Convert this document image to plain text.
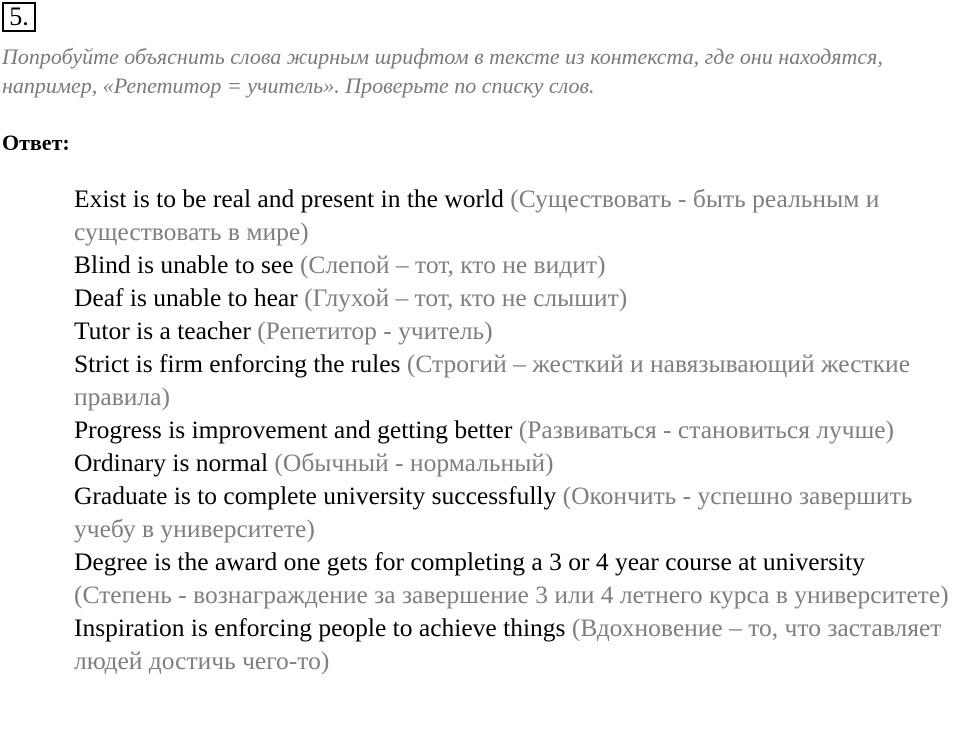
5.
Попробуйте объяснить слова жирным шрифтом в тексте из контекста, где они находятся, например, «Репетитор = учитель». Проверьте по списку слов.
Ответ:
Exist is to be real and present in the world (Существовать - быть реальным и существовать в мире)
Blind is unable to see (Слепой – тот, кто не видит)
Deaf is unable to hear (Глухой – тот, кто не слышит)
Tutor is a teacher (Репетитор - учитель)
Strict is firm enforcing the rules (Строгий – жесткий и навязывающий жесткие правила)
Progress is improvement and getting better (Развиваться - становиться лучше)
Ordinary is normal (Обычный - нормальный)
Graduate is to complete university successfully (Окончить - успешно завершить учебу в университете)
Degree is the award one gets for completing a 3 or 4 year course at university (Степень - вознаграждение за завершение 3 или 4 летнего курса в университете)
Inspiration is enforcing people to achieve things (Вдохновение – то, что заставляет людей достичь чего-то)
